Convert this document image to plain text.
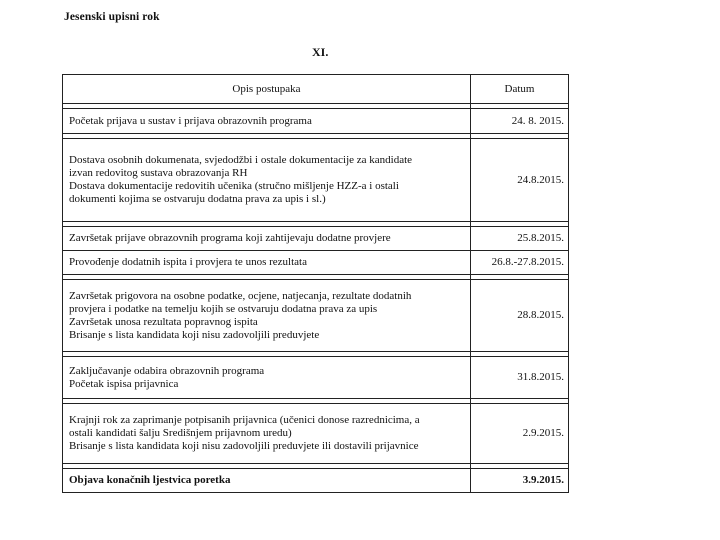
Jesenski upisni rok
XI.
Opis postupaka	Datum

Početak prijava u sustav i prijava obrazovnih programa	24. 8. 2015.

Dostava osobnih dokumenata, svjedodžbi i ostale dokumentacije za kandidate
izvan redovitog sustava obrazovanja RH
Dostava dokumentacije redovitih učenika (stručno mišljenje HZZ-a i ostali
dokumenti kojima se ostvaruju dodatna prava za upis i sl.)	24.8.2015.

Završetak prijave obrazovnih programa koji zahtijevaju dodatne provjere	25.8.2015.

Provođenje dodatnih ispita i provjera te unos rezultata	26.8.-27.8.2015.

Završetak prigovora na osobne podatke, ocjene, natjecanja, rezultate dodatnih
provjera i podatke na temelju kojih se ostvaruju dodatna prava za upis
Završetak unosa rezultata popravnog ispita
Brisanje s lista kandidata koji nisu zadovoljili preduvjete	28.8.2015.

Zaključavanje odabira obrazovnih programa
Početak ispisa prijavnica	31.8.2015.

Krajnji rok za zaprimanje potpisanih prijavnica (učenici donose razrednicima, a
ostali kandidati šalju Središnjem prijavnom uredu)
Brisanje s lista kandidata koji nisu zadovoljili preduvjete ili dostavili prijavnice	2.9.2015.

Objava konačnih ljestvica poretka	3.9.2015.
